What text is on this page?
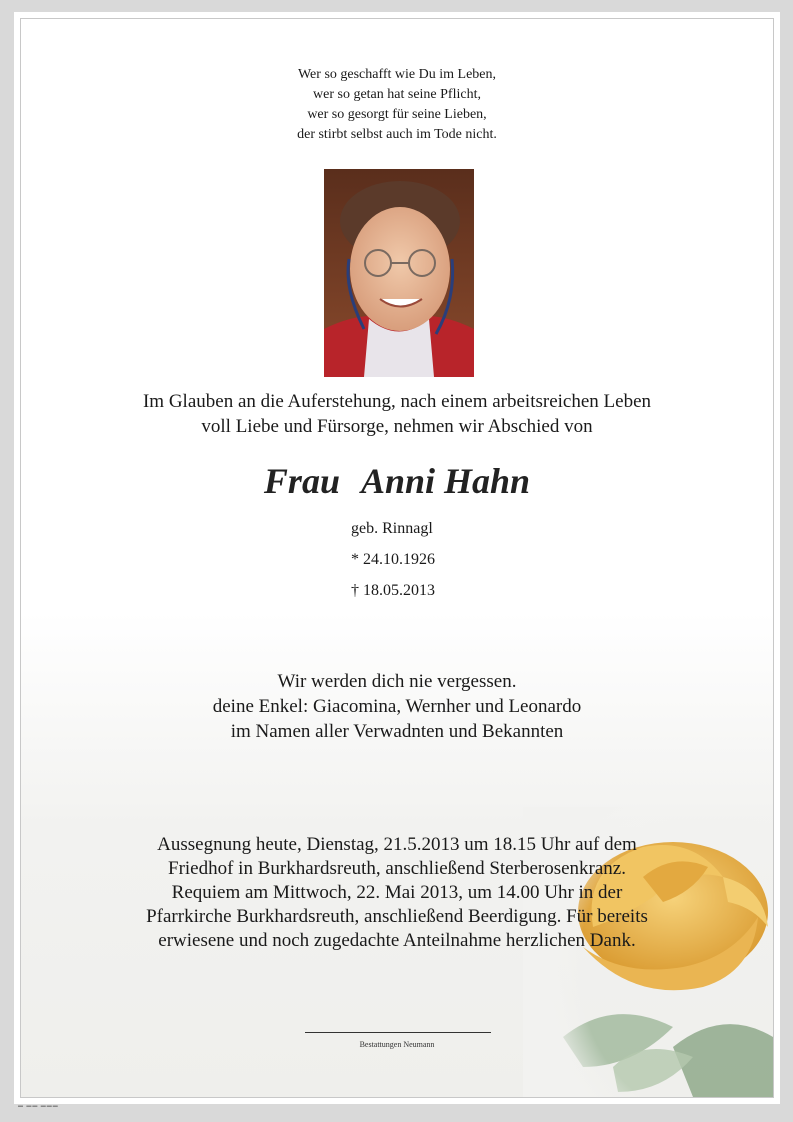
Wer so geschafft wie Du im Leben,
wer so getan hat seine Pflicht,
wer so gesorgt für seine Lieben,
der stirbt selbst auch im Tode nicht.
Im Glauben an die Auferstehung, nach einem arbeitsreichen Leben
voll Liebe und Fürsorge, nehmen wir Abschied von
Frau Anni Hahn
geb. Rinnagl
* 24.10.1926
† 18.05.2013
Wir werden dich nie vergessen.
deine Enkel: Giacomina, Wernher und Leonardo
im Namen aller Verwadnten und Bekannten
Aussegnung heute, Dienstag, 21.5.2013 um 18.15 Uhr auf dem
Friedhof in Burkhardsreuth, anschließend Sterberosenkranz.
Requiem am Mittwoch, 22. Mai 2013, um 14.00 Uhr in der
Pfarrkirche Burkhardsreuth, anschließend Beerdigung. Für bereits
erwiesene und noch zugedachte Anteilnahme herzlichen Dank.
Bestattungen Neumann
▬ ▬▬ ▬▬▬
